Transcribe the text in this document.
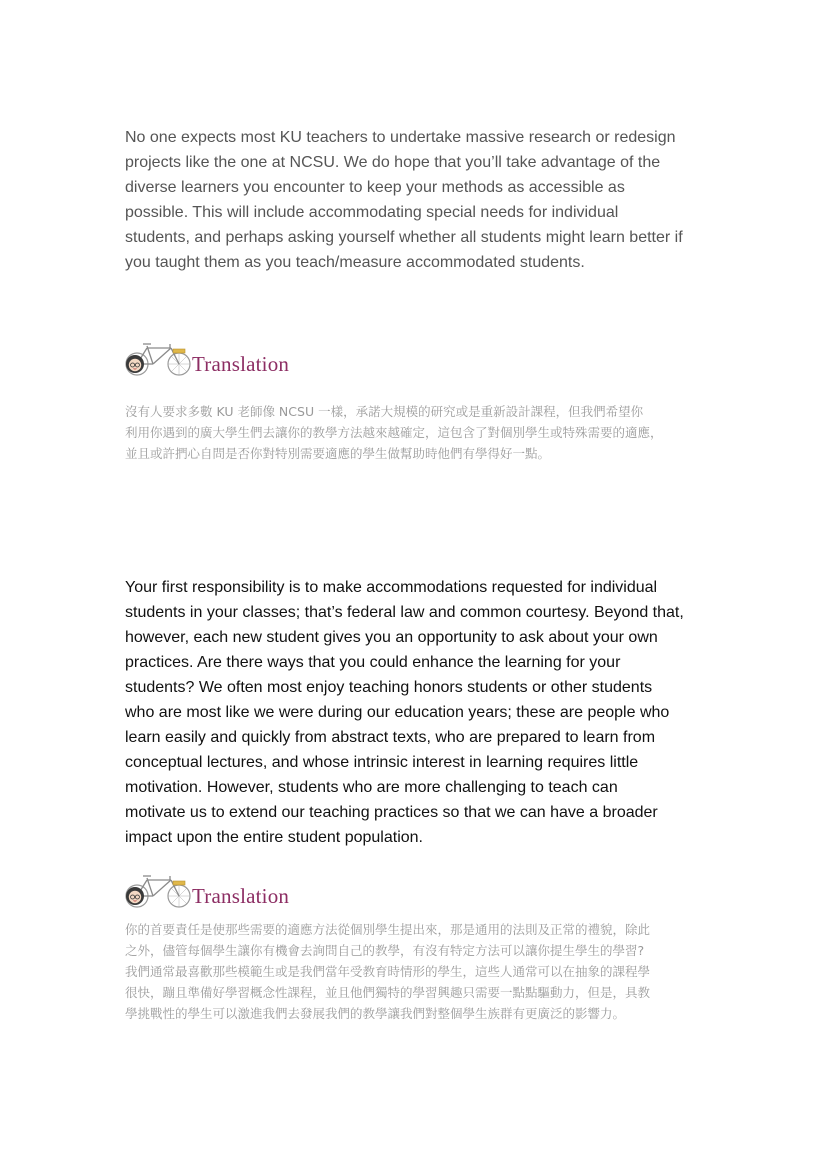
No one expects most KU teachers to undertake massive research or redesign
projects like the one at NCSU. We do hope that you’ll take advantage of the
diverse learners you encounter to keep your methods as accessible as
possible. This will include accommodating special needs for individual
students, and perhaps asking yourself whether all students might learn better if
you taught them as you teach/measure accommodated students.
Translation
沒有人要求多數 KU 老師像 NCSU 一樣，承諾大規模的研究或是重新設計課程，但我們希望你
利用你遇到的廣大學生們去讓你的教學方法越來越確定，這包含了對個別學生或特殊需要的適應，
並且或許捫心自問是否你對特別需要適應的學生做幫助時他們有學得好一點。
Your first responsibility is to make accommodations requested for individual
students in your classes; that’s federal law and common courtesy. Beyond that,
however, each new student gives you an opportunity to ask about your own
practices. Are there ways that you could enhance the learning for your
students? We often most enjoy teaching honors students or other students
who are most like we were during our education years; these are people who
learn easily and quickly from abstract texts, who are prepared to learn from
conceptual lectures, and whose intrinsic interest in learning requires little
motivation. However, students who are more challenging to teach can
motivate us to extend our teaching practices so that we can have a broader
impact upon the entire student population.
Translation
你的首要責任是使那些需要的適應方法從個別學生提出來，那是通用的法則及正常的禮貌，除此
之外，儘管每個學生讓你有機會去詢問自己的教學，有沒有特定方法可以讓你提生學生的學習?
我們通常最喜歡那些模範生或是我們當年受教育時情形的學生，這些人通常可以在抽象的課程學
很快，蹦且準備好學習概念性課程，並且他們獨特的學習興趣只需要一點點驅動力，但是，具教
學挑戰性的學生可以激進我們去發展我們的教學讓我們對整個學生族群有更廣泛的影響力。
